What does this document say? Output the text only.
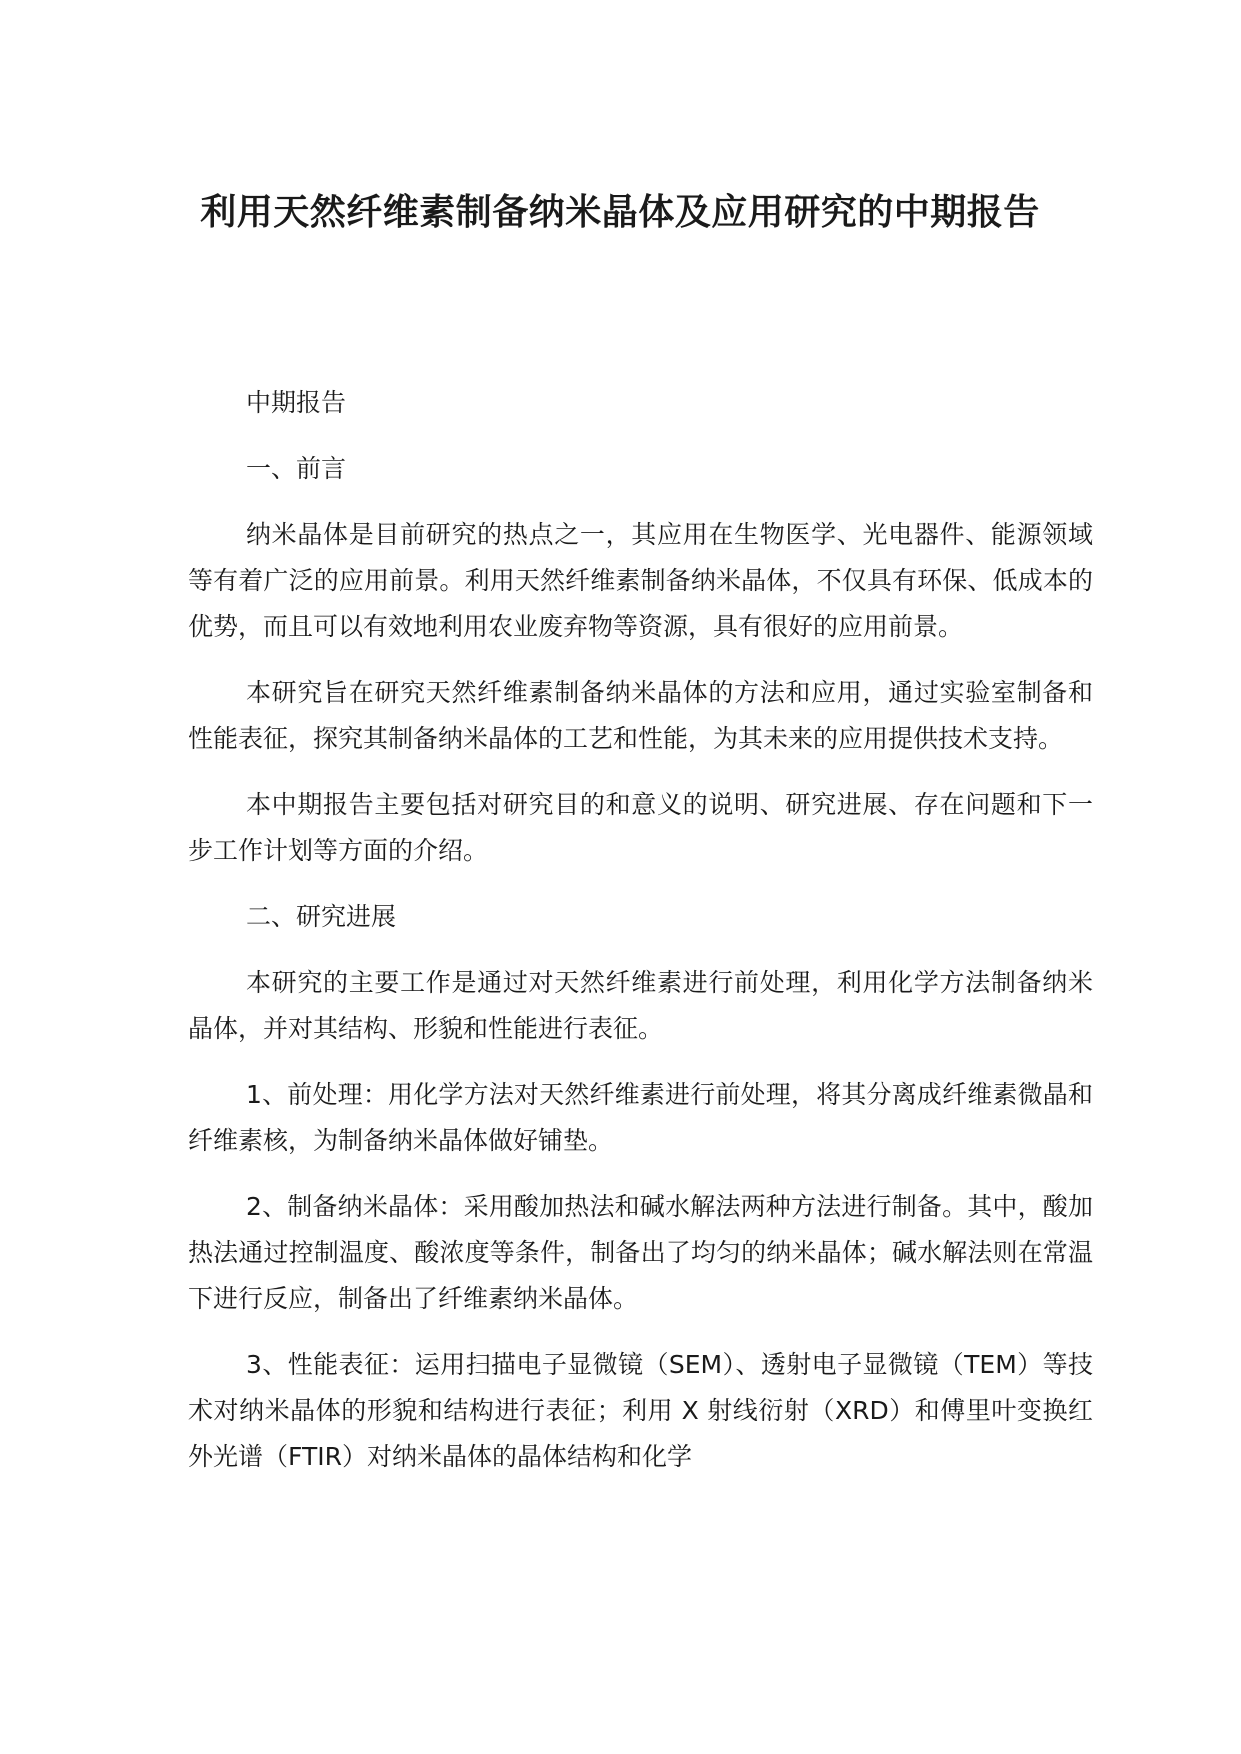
利用天然纤维素制备纳米晶体及应用研究的中期报告

中期报告

一、前言

纳米晶体是目前研究的热点之一，其应用在生物医学、光电器件、能源领域等有着广泛的应用前景。利用天然纤维素制备纳米晶体，不仅具有环保、低成本的优势，而且可以有效地利用农业废弃物等资源，具有很好的应用前景。

本研究旨在研究天然纤维素制备纳米晶体的方法和应用，通过实验室制备和性能表征，探究其制备纳米晶体的工艺和性能，为其未来的应用提供技术支持。

本中期报告主要包括对研究目的和意义的说明、研究进展、存在问题和下一步工作计划等方面的介绍。

二、研究进展

本研究的主要工作是通过对天然纤维素进行前处理，利用化学方法制备纳米晶体，并对其结构、形貌和性能进行表征。

1、前处理：用化学方法对天然纤维素进行前处理，将其分离成纤维素微晶和纤维素核，为制备纳米晶体做好铺垫。

2、制备纳米晶体：采用酸加热法和碱水解法两种方法进行制备。其中，酸加热法通过控制温度、酸浓度等条件，制备出了均匀的纳米晶体；碱水解法则在常温下进行反应，制备出了纤维素纳米晶体。

3、性能表征：运用扫描电子显微镜（SEM）、透射电子显微镜（TEM）等技术对纳米晶体的形貌和结构进行表征；利用 X 射线衍射（XRD）和傅里叶变换红外光谱（FTIR）对纳米晶体的晶体结构和化学
